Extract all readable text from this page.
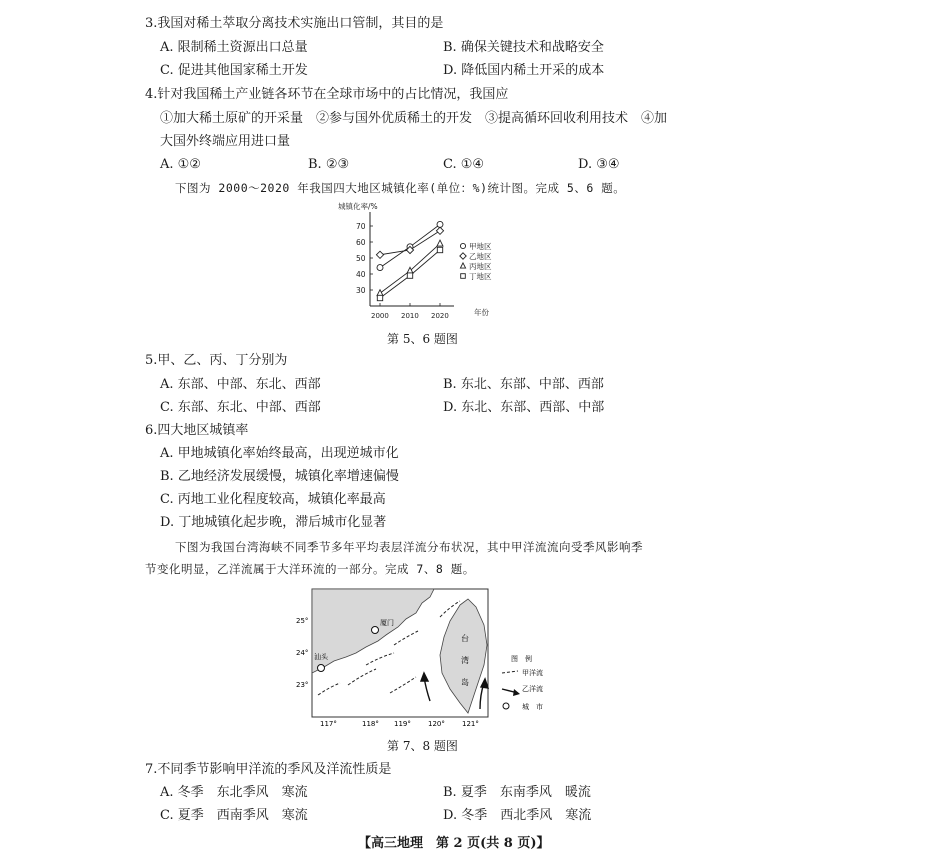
3.我国对稀土萃取分离技术实施出口管制，其目的是
A. 限制稀土资源出口总量	B. 确保关键技术和战略安全
C. 促进其他国家稀土开发	D. 降低国内稀土开采的成本
4.针对我国稀土产业链各环节在全球市场中的占比情况，我国应
①加大稀土原矿的开采量　②参与国外优质稀土的开发　③提高循环回收利用技术　④加
大国外终端应用进口量
A. ①②	B. ②③	C. ①④	D. ③④
下图为 2000～2020 年我国四大地区城镇化率(单位：%)统计图。完成 5、6 题。
城镇化率/%
年份
30
40
50
60
70
2000 2010 2020
甲地区
乙地区
丙地区
丁地区
第 5、6 题图
5.甲、乙、丙、丁分别为
A. 东部、中部、东北、西部	B. 东北、东部、中部、西部
C. 东部、东北、中部、西部	D. 东北、东部、西部、中部
6.四大地区城镇率
A. 甲地城镇化率始终最高，出现逆城市化
B. 乙地经济发展缓慢，城镇化率增速偏慢
C. 丙地工业化程度较高，城镇化率最高
D. 丁地城镇化起步晚，滞后城市化显著
下图为我国台湾海峡不同季节多年平均表层洋流分布状况，其中甲洋流流向受季风影响季
节变化明显，乙洋流属于大洋环流的一部分。完成 7、8 题。
厦门
汕头
台
湾
岛
25°
24°
23°
117°	118° 119° 120° 121°
图　例
甲洋流
乙洋流
城　市
第 7、8 题图
7.不同季节影响甲洋流的季风及洋流性质是
A. 冬季　东北季风　寒流	B. 夏季　东南季风　暖流
C. 夏季　西南季风　寒流	D. 冬季　西北季风　寒流
【高三地理　第 2 页(共 8 页)】
